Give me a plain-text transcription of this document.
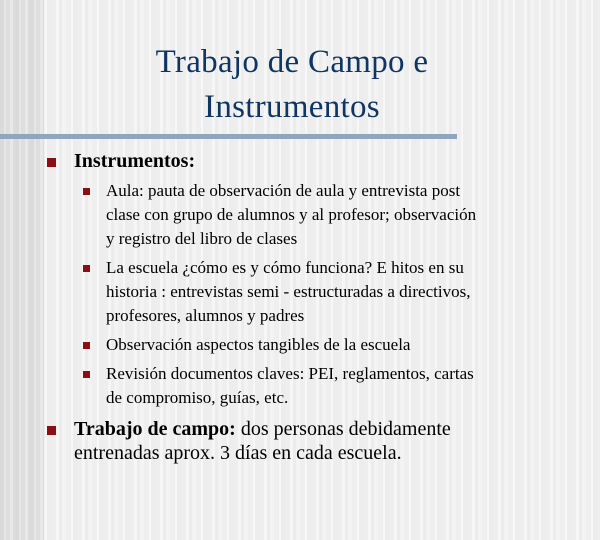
Trabajo de Campo e
Instrumentos
Instrumentos:
Aula: pauta de observación de aula y entrevista post
clase con grupo de alumnos y al profesor; observación
y registro del libro de clases
La escuela ¿cómo es y cómo funciona? E hitos en su
historia : entrevistas semi - estructuradas a directivos,
profesores, alumnos y padres
Observación aspectos tangibles de la escuela
Revisión documentos claves: PEI, reglamentos, cartas
de compromiso, guías, etc.
Trabajo de campo: dos personas debidamente
entrenadas aprox. 3 días en cada escuela.
